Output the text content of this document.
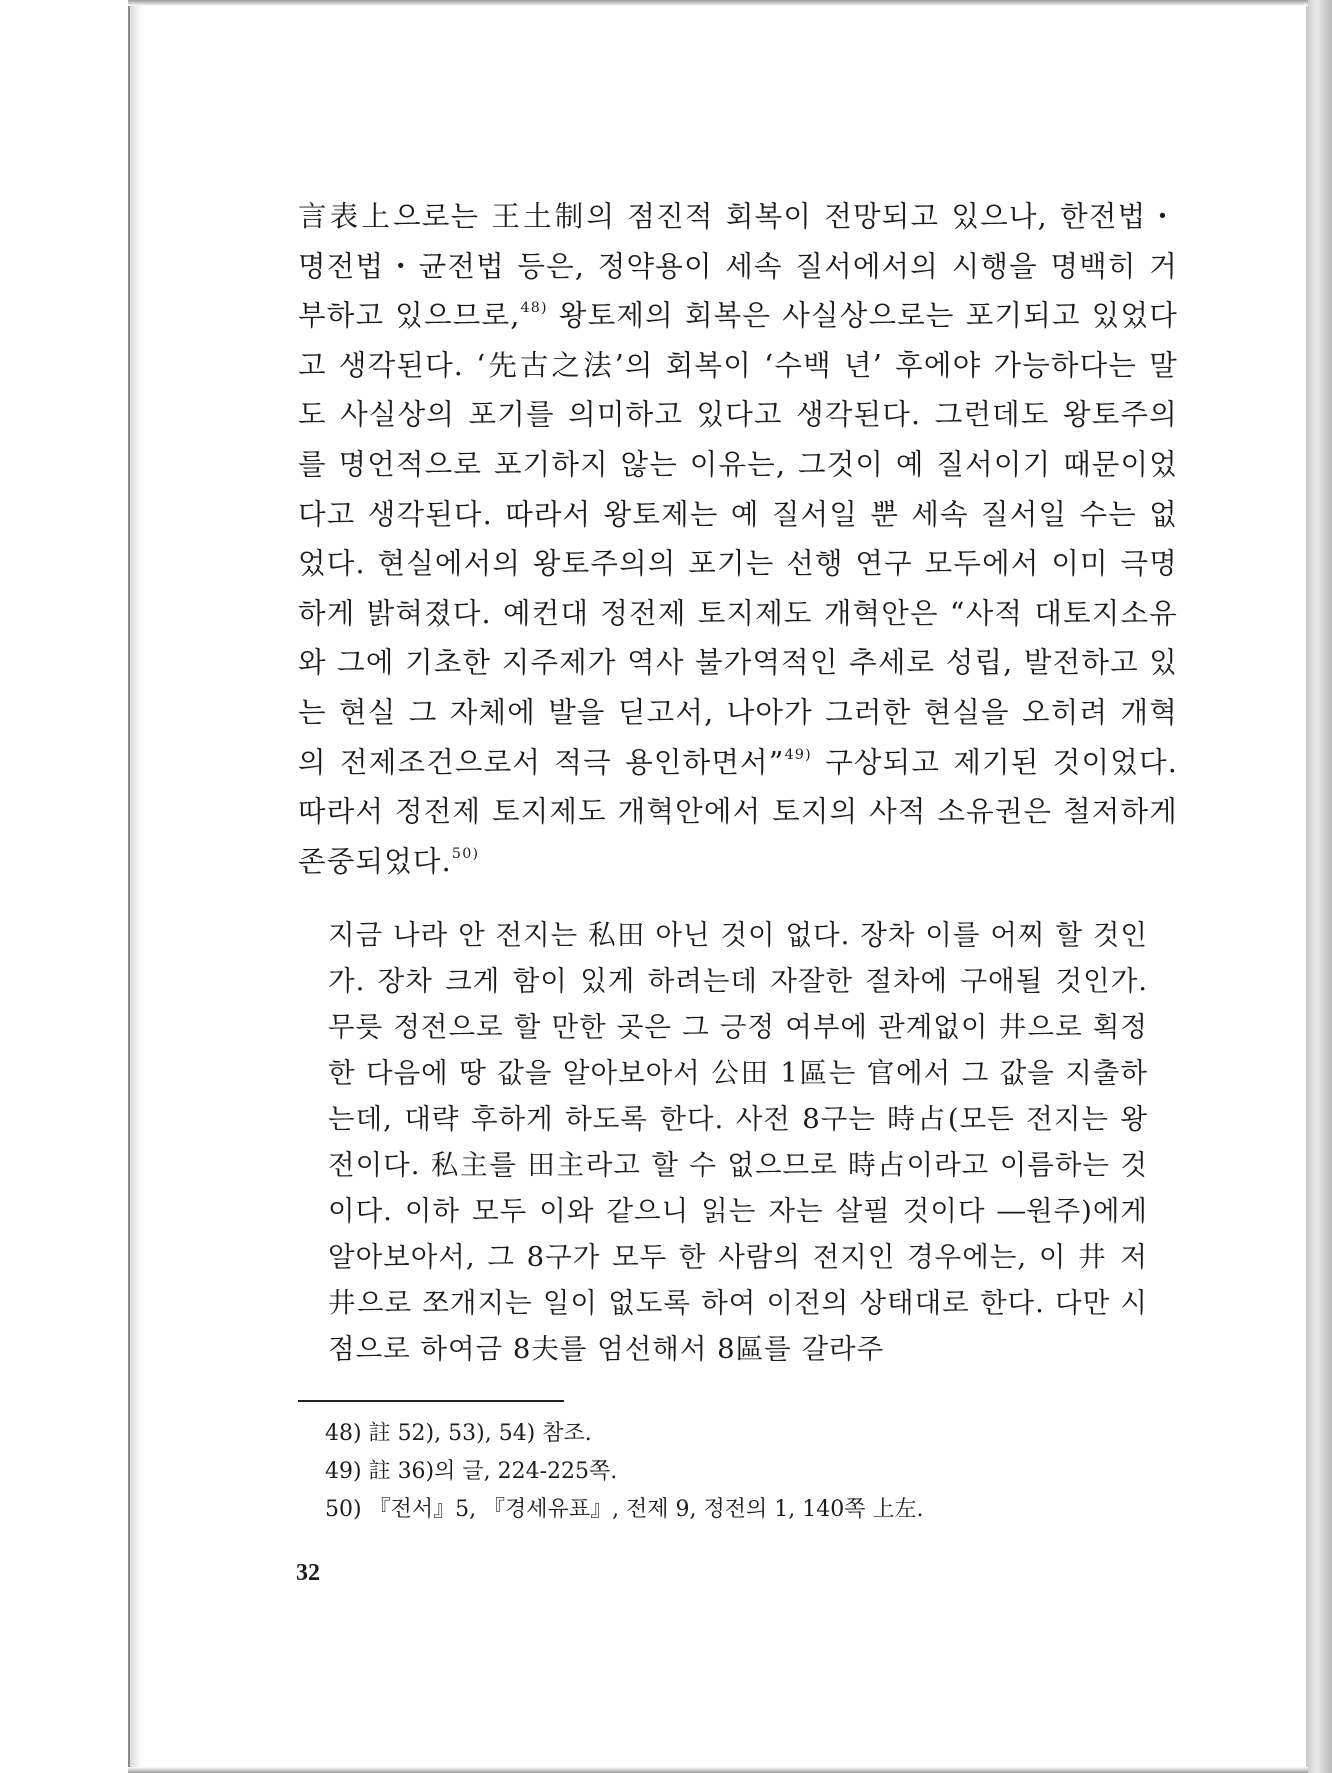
言表上으로는 王土制의 점진적 회복이 전망되고 있으나, 한전법・명전법・균전법 등은, 정약용이 세속 질서에서의 시행을 명백히 거부하고 있으므로,$^{48)}$ 왕토제의 회복은 사실상으로는 포기되고 있었다고 생각된다. ‘先古之法’의 회복이 ‘수백 년’ 후에야 가능하다는 말도 사실상의 포기를 의미하고 있다고 생각된다. 그런데도 왕토주의를 명언적으로 포기하지 않는 이유는, 그것이 예 질서이기 때문이었다고 생각된다. 따라서 왕토제는 예 질서일 뿐 세속 질서일 수는 없었다. 현실에서의 왕토주의의 포기는 선행 연구 모두에서 이미 극명하게 밝혀졌다. 예컨대 정전제 토지제도 개혁안은 “사적 대토지소유와 그에 기초한 지주제가 역사 불가역적인 추세로 성립, 발전하고 있는 현실 그 자체에 발을 딛고서, 나아가 그러한 현실을 오히려 개혁의 전제조건으로서 적극 용인하면서”$^{49)}$ 구상되고 제기된 것이었다. 따라서 정전제 토지제도 개혁안에서 토지의 사적 소유권은 철저하게 존중되었다.$^{50)}$

지금 나라 안 전지는 私田 아닌 것이 없다. 장차 이를 어찌 할 것인가. 장차 크게 함이 있게 하려는데 자잘한 절차에 구애될 것인가. 무릇 정전으로 할 만한 곳은 그 긍정 여부에 관계없이 井으로 획정한 다음에 땅 값을 알아보아서 公田 1區는 官에서 그 값을 지출하는데, 대략 후하게 하도록 한다. 사전 8구는 時占(모든 전지는 왕전이다. 私主를 田主라고 할 수 없으므로 時占이라고 이름하는 것이다. 이하 모두 이와 같으니 읽는 자는 살필 것이다 ―원주)에게 알아보아서, 그 8구가 모두 한 사람의 전지인 경우에는, 이 井 저 井으로 쪼개지는 일이 없도록 하여 이전의 상태대로 한다. 다만 시점으로 하여금 8夫를 엄선해서 8區를 갈라주

48) 註 52), 53), 54) 참조.
49) 註 36)의 글, 224-225쪽.
50) 『전서』5, 『경세유표』, 전제 9, 정전의 1, 140쪽 上左.
32
